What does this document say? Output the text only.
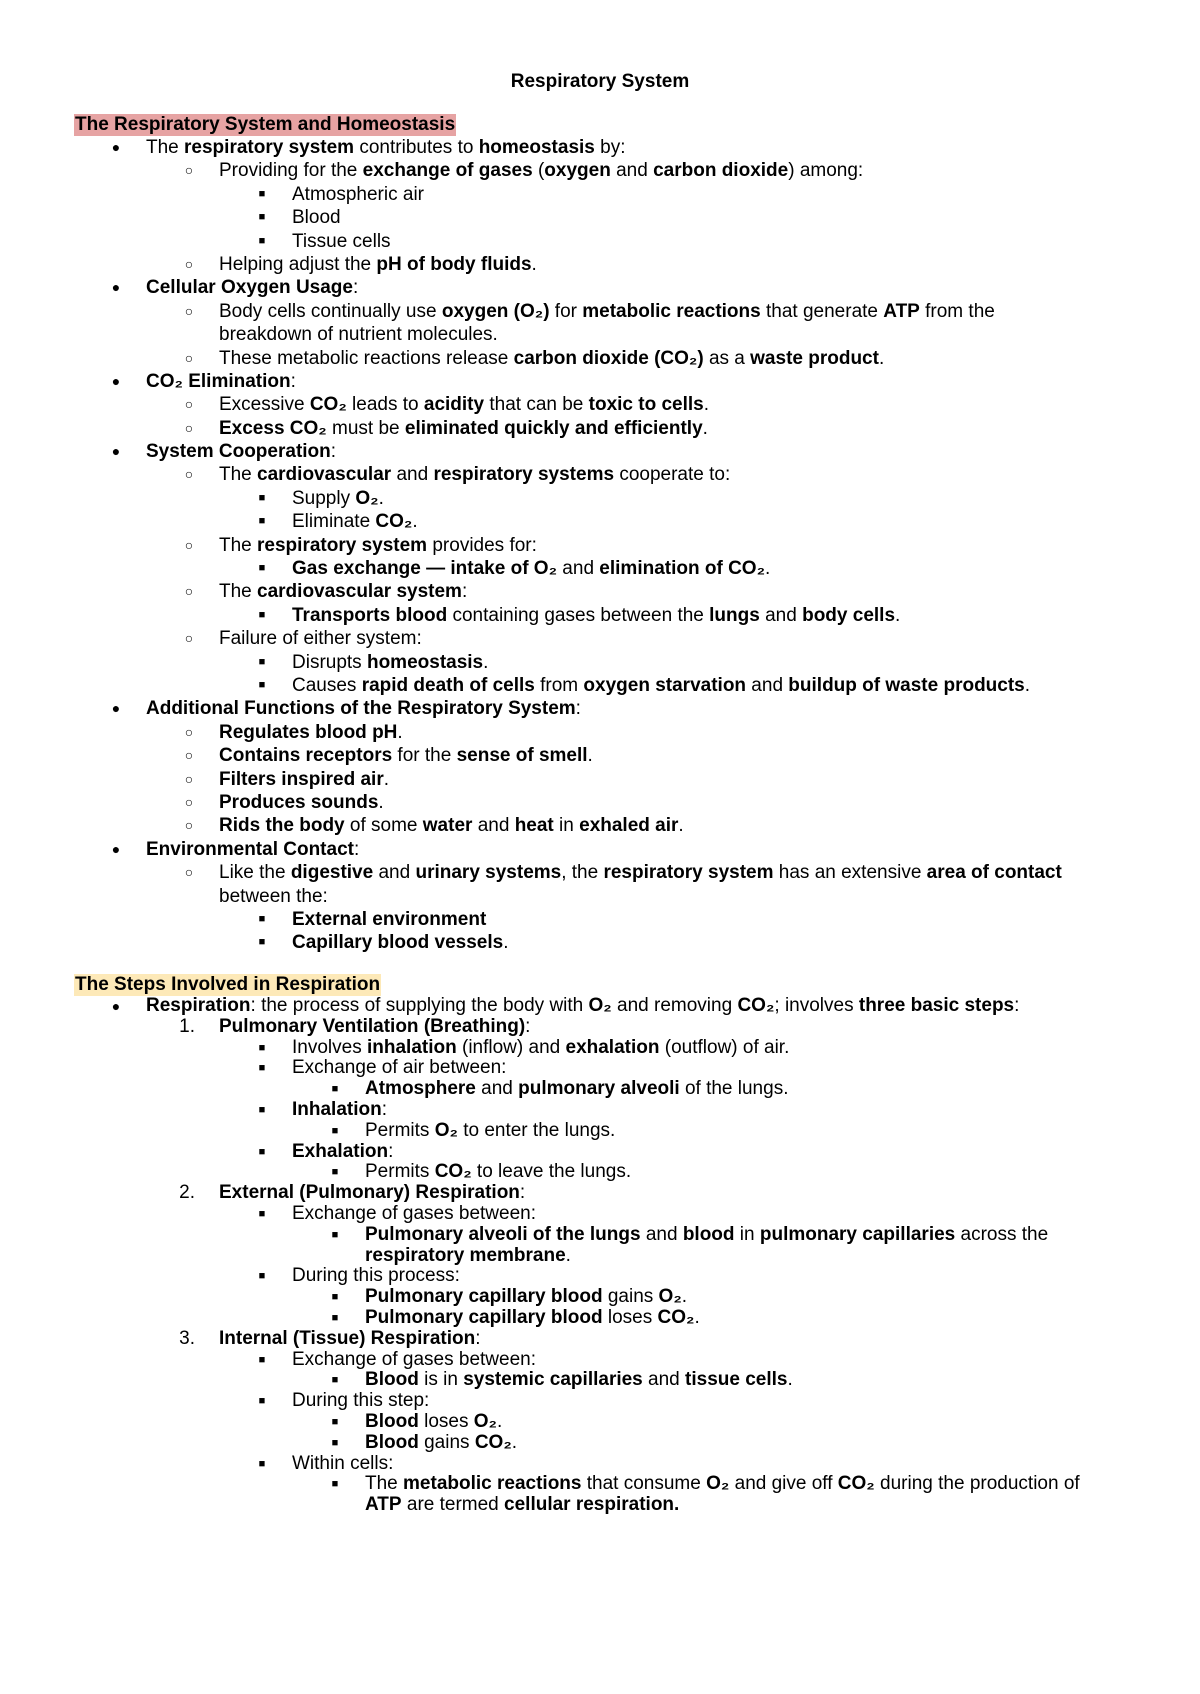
Respiratory System
The Respiratory System and Homeostasis
●	The respiratory system contributes to homeostasis by:
○	Providing for the exchange of gases (oxygen and carbon dioxide) among:
■	Atmospheric air
■	Blood
■	Tissue cells
○	Helping adjust the pH of body fluids.
●	Cellular Oxygen Usage:
○	Body cells continually use oxygen (O₂) for metabolic reactions that generate ATP from the
breakdown of nutrient molecules.
○	These metabolic reactions release carbon dioxide (CO₂) as a waste product.
●	CO₂ Elimination:
○	Excessive CO₂ leads to acidity that can be toxic to cells.
○	Excess CO₂ must be eliminated quickly and efficiently.
●	System Cooperation:
○	The cardiovascular and respiratory systems cooperate to:
■	Supply O₂.
■	Eliminate CO₂.
○	The respiratory system provides for:
■	Gas exchange — intake of O₂ and elimination of CO₂.
○	The cardiovascular system:
■	Transports blood containing gases between the lungs and body cells.
○	Failure of either system:
■	Disrupts homeostasis.
■	Causes rapid death of cells from oxygen starvation and buildup of waste products.
●	Additional Functions of the Respiratory System:
○	Regulates blood pH.
○	Contains receptors for the sense of smell.
○	Filters inspired air.
○	Produces sounds.
○	Rids the body of some water and heat in exhaled air.
●	Environmental Contact:
○	Like the digestive and urinary systems, the respiratory system has an extensive area of contact
between the:
■	External environment
■	Capillary blood vessels.
The Steps Involved in Respiration
●	Respiration: the process of supplying the body with O₂ and removing CO₂; involves three basic steps:
1. Pulmonary Ventilation (Breathing):
■	Involves inhalation (inflow) and exhalation (outflow) of air.
■	Exchange of air between:
■	Atmosphere and pulmonary alveoli of the lungs.
■	Inhalation:
■	Permits O₂ to enter the lungs.
■	Exhalation:
■	Permits CO₂ to leave the lungs.
2. External (Pulmonary) Respiration:
■	Exchange of gases between:
■	Pulmonary alveoli of the lungs and blood in pulmonary capillaries across the
respiratory membrane.
■	During this process:
■	Pulmonary capillary blood gains O₂.
■	Pulmonary capillary blood loses CO₂.
3. Internal (Tissue) Respiration:
■	Exchange of gases between:
■	Blood is in systemic capillaries and tissue cells.
■	During this step:
■	Blood loses O₂.
■	Blood gains CO₂.
■	Within cells:
■	The metabolic reactions that consume O₂ and give off CO₂ during the production of
ATP are termed cellular respiration.
